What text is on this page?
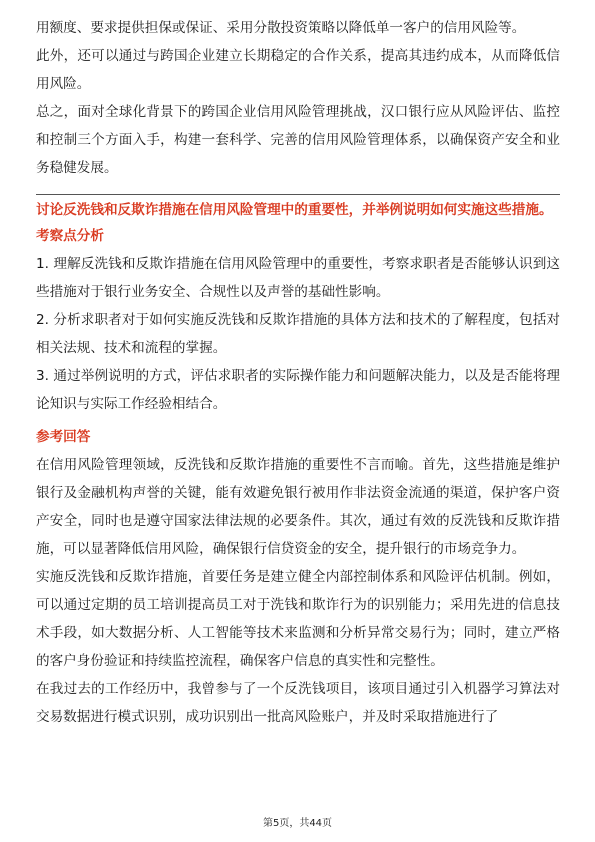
用额度、要求提供担保或保证、采用分散投资策略以降低单一客户的信用风险等。

此外，还可以通过与跨国企业建立长期稳定的合作关系，提高其违约成本，从而降低信用风险。

总之，面对全球化背景下的跨国企业信用风险管理挑战，汉口银行应从风险评估、监控和控制三个方面入手，构建一套科学、完善的信用风险管理体系，以确保资产安全和业务稳健发展。

讨论反洗钱和反欺诈措施在信用风险管理中的重要性，并举例说明如何实施这些措施。

考察点分析

1. 理解反洗钱和反欺诈措施在信用风险管理中的重要性，考察求职者是否能够认识到这些措施对于银行业务安全、合规性以及声誉的基础性影响。

2. 分析求职者对于如何实施反洗钱和反欺诈措施的具体方法和技术的了解程度，包括对相关法规、技术和流程的掌握。

3. 通过举例说明的方式，评估求职者的实际操作能力和问题解决能力，以及是否能将理论知识与实际工作经验相结合。

参考回答

在信用风险管理领域，反洗钱和反欺诈措施的重要性不言而喻。首先，这些措施是维护银行及金融机构声誉的关键，能有效避免银行被用作非法资金流通的渠道，保护客户资产安全，同时也是遵守国家法律法规的必要条件。其次，通过有效的反洗钱和反欺诈措施，可以显著降低信用风险，确保银行信贷资金的安全，提升银行的市场竞争力。

实施反洗钱和反欺诈措施，首要任务是建立健全内部控制体系和风险评估机制。例如，可以通过定期的员工培训提高员工对于洗钱和欺诈行为的识别能力；采用先进的信息技术手段，如大数据分析、人工智能等技术来监测和分析异常交易行为；同时，建立严格的客户身份验证和持续监控流程，确保客户信息的真实性和完整性。

在我过去的工作经历中，我曾参与了一个反洗钱项目，该项目通过引入机器学习算法对交易数据进行模式识别，成功识别出一批高风险账户，并及时采取措施进行了

第5页，共44页
